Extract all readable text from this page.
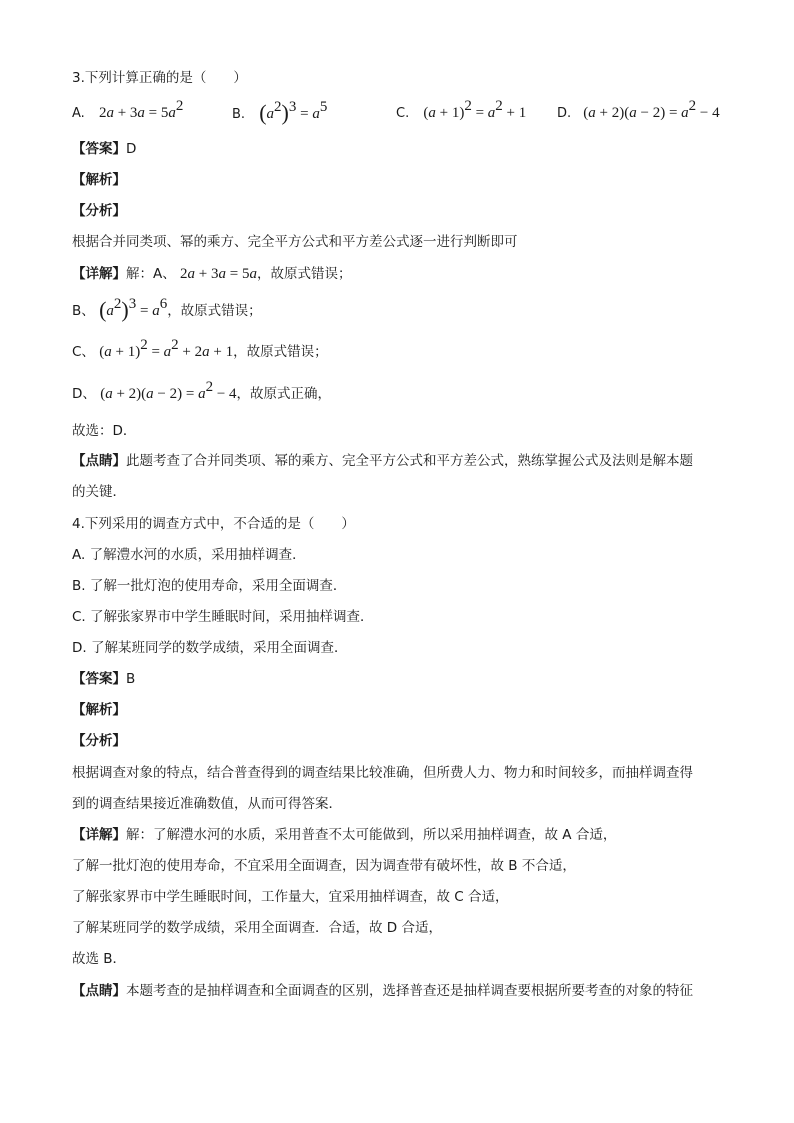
3.下列计算正确的是（　　）
A. $2a + 3a = 5a^2$
B. $(a^2)^3 = a^5$	C. $(a + 1)^2 = a^2 + 1$ D. $(a + 2)(a - 2) = a^2 - 4$
【答案】D
【解析】
【分析】
根据合并同类项、幂的乘方、完全平方公式和平方差公式逐一进行判断即可
【详解】解：A、 2a + 3a = 5a，故原式错误；
B、 $(a^2)^3 = a^6$，故原式错误；
C、 $(a + 1)^2 = a^2 + 2a + 1$，故原式错误；
D、 $(a + 2)(a - 2) = a^2 - 4$，故原式正确，
故选：D．
【点睛】此题考查了合并同类项、幂的乘方、完全平方公式和平方差公式，熟练掌握公式及法则是解本题
的关键．
4.下列采用的调查方式中，不合适的是（　　）
A. 了解澧水河的水质，采用抽样调查．
B. 了解一批灯泡的使用寿命，采用全面调查．
C. 了解张家界市中学生睡眠时间，采用抽样调查．
D. 了解某班同学的数学成绩，采用全面调查．
【答案】B
【解析】
【分析】
根据调查对象的特点，结合普查得到的调查结果比较准确，但所费人力、物力和时间较多，而抽样调查得
到的调查结果接近准确数值，从而可得答案．
【详解】解：了解澧水河的水质，采用普查不太可能做到，所以采用抽样调查，故 A 合适，
了解一批灯泡的使用寿命，不宜采用全面调查，因为调查带有破坏性，故 B 不合适，
了解张家界市中学生睡眠时间，工作量大，宜采用抽样调查，故 C 合适，
了解某班同学的数学成绩，采用全面调查．合适，故 D 合适，
故选 B．
【点睛】本题考查的是抽样调查和全面调查的区别，选择普查还是抽样调查要根据所要考查的对象的特征
